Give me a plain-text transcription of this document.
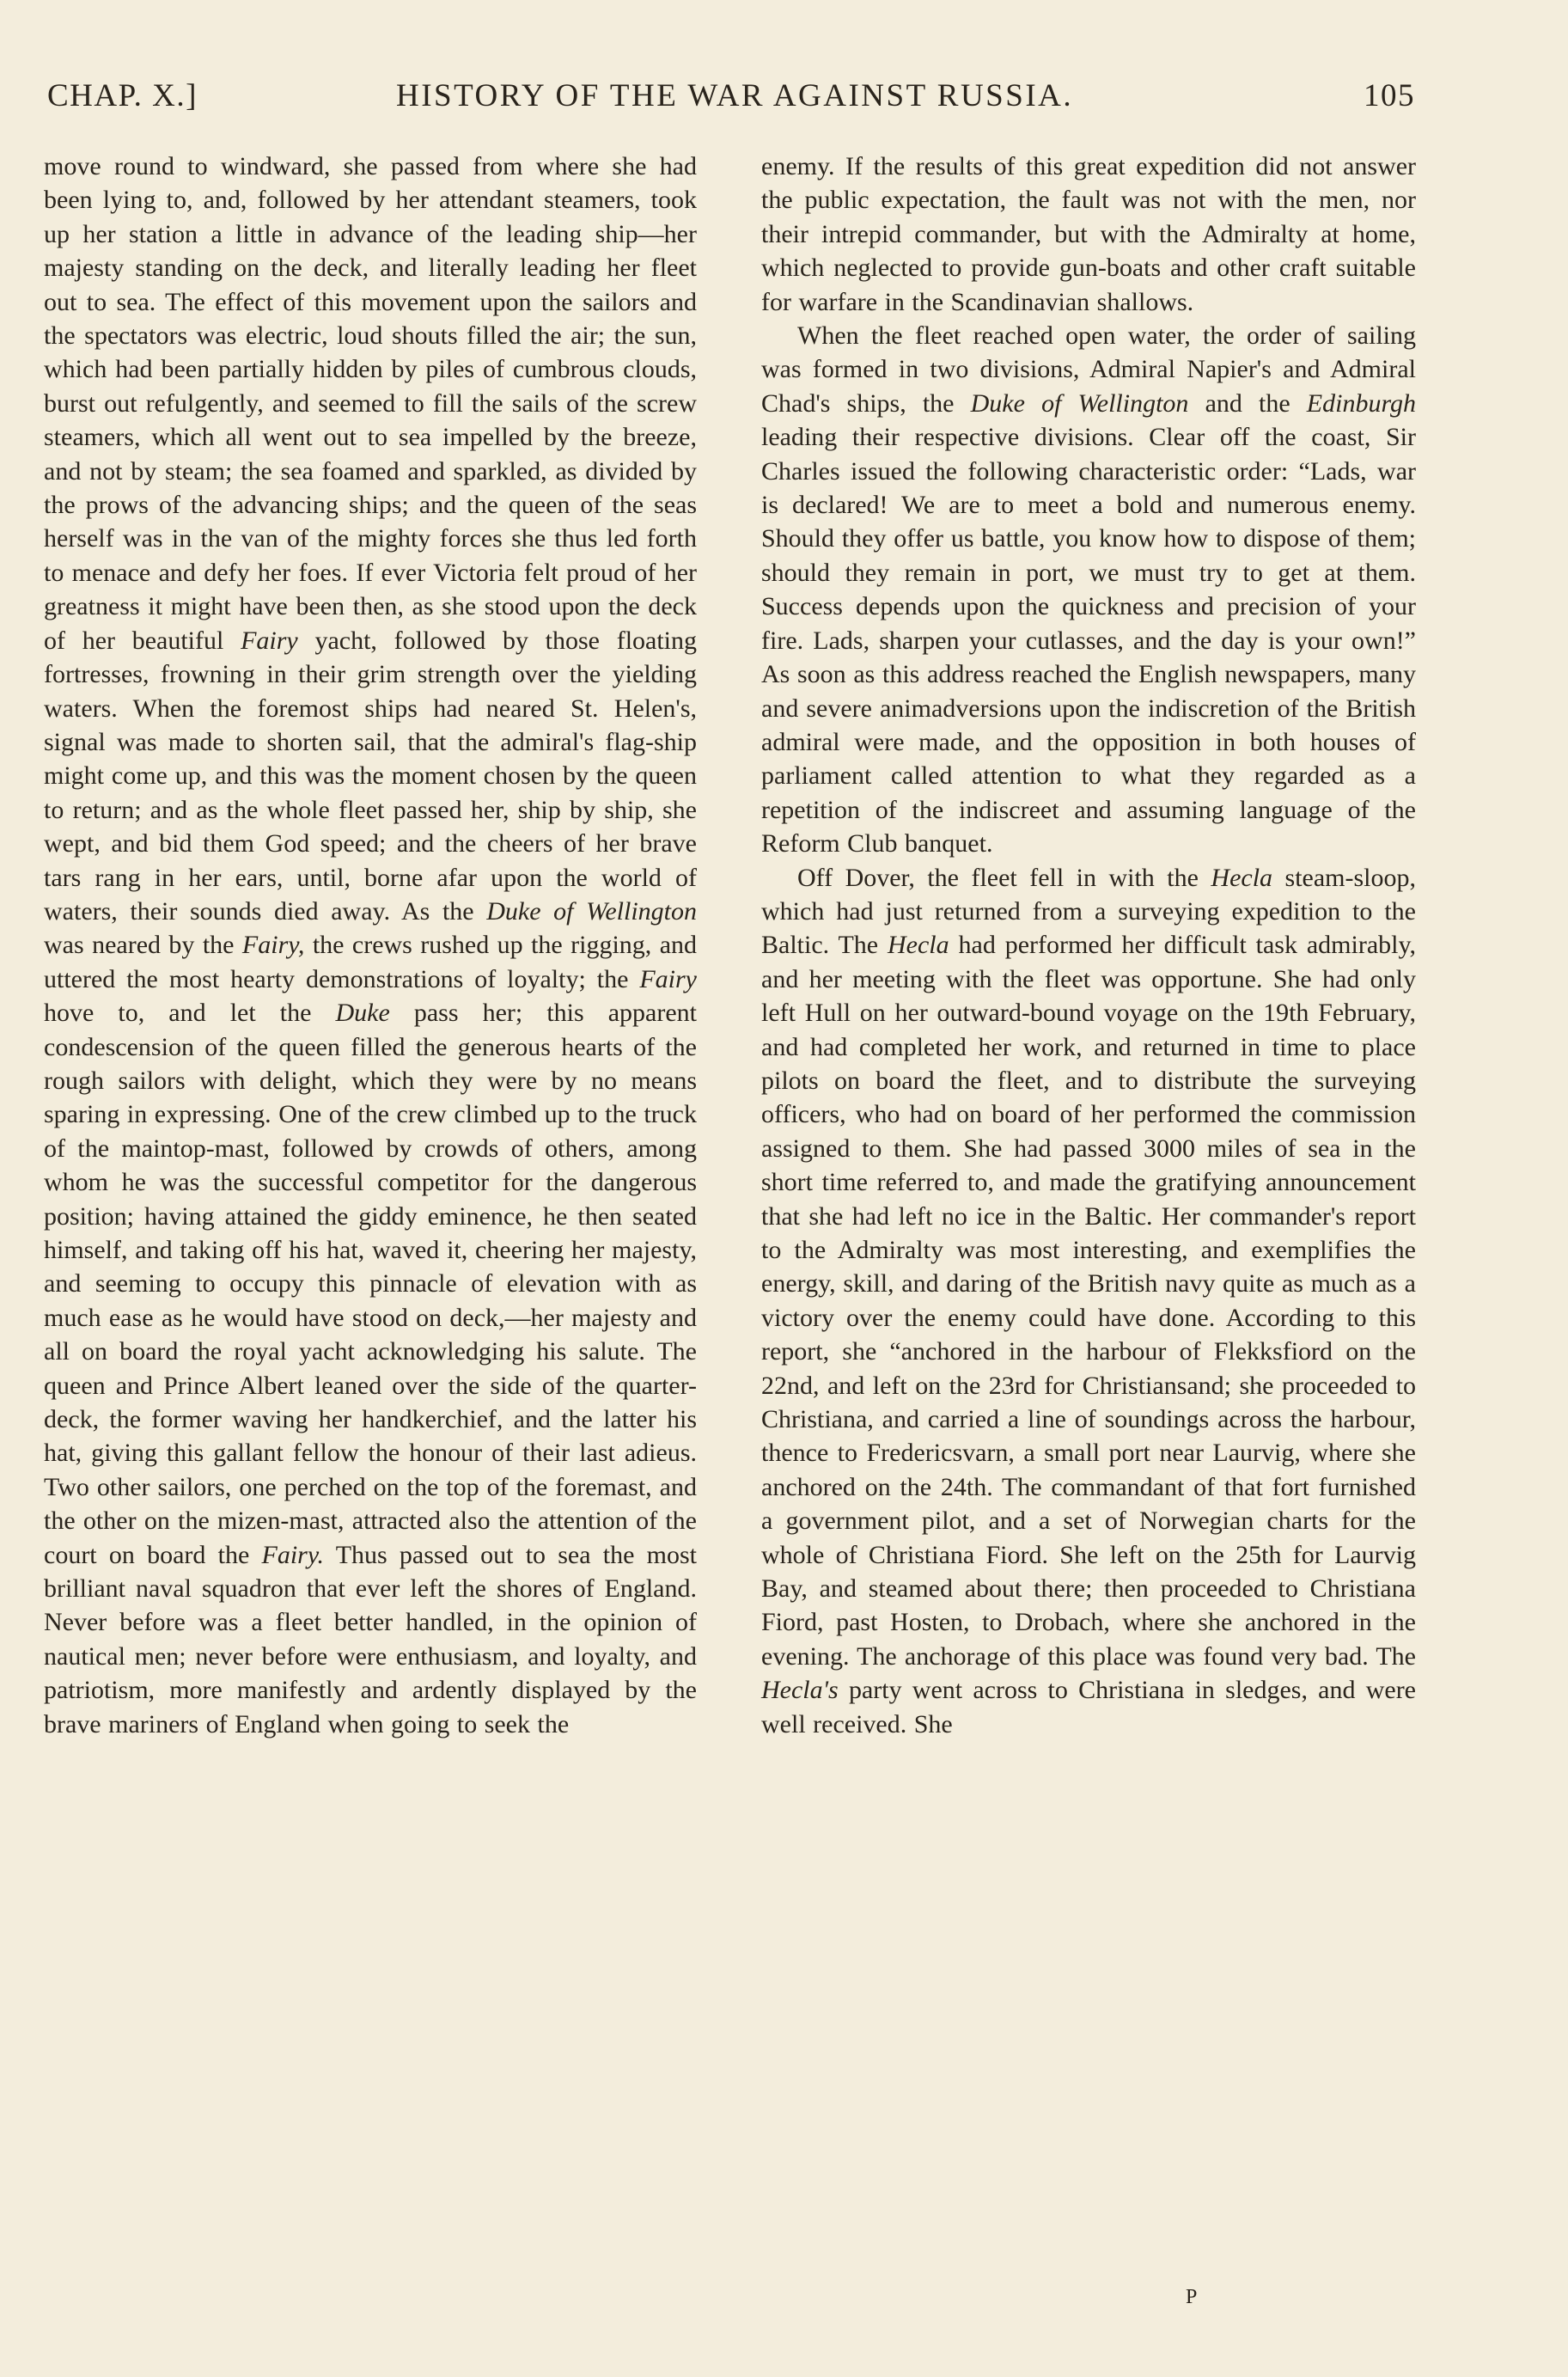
CHAP. X.]	HISTORY OF THE WAR AGAINST RUSSIA.	105

move round to windward, she passed from where she had been lying to, and, followed by her attendant steamers, took up her station a little in advance of the leading ship—her majesty standing on the deck, and literally leading her fleet out to sea. The effect of this movement upon the sailors and the spectators was electric, loud shouts filled the air; the sun, which had been partially hidden by piles of cumbrous clouds, burst out refulgently, and seemed to fill the sails of the screw steamers, which all went out to sea impelled by the breeze, and not by steam; the sea foamed and sparkled, as divided by the prows of the advancing ships; and the queen of the seas herself was in the van of the mighty forces she thus led forth to menace and defy her foes. If ever Victoria felt proud of her greatness it might have been then, as she stood upon the deck of her beautiful Fairy yacht, followed by those floating fortresses, frowning in their grim strength over the yielding waters. When the foremost ships had neared St. Helen's, signal was made to shorten sail, that the admiral's flag-ship might come up, and this was the moment chosen by the queen to return; and as the whole fleet passed her, ship by ship, she wept, and bid them God speed; and the cheers of her brave tars rang in her ears, until, borne afar upon the world of waters, their sounds died away. As the Duke of Wellington was neared by the Fairy, the crews rushed up the rigging, and uttered the most hearty demonstrations of loyalty; the Fairy hove to, and let the Duke pass her; this apparent condescension of the queen filled the generous hearts of the rough sailors with delight, which they were by no means sparing in expressing. One of the crew climbed up to the truck of the maintop-mast, followed by crowds of others, among whom he was the successful competitor for the dangerous position; having attained the giddy eminence, he then seated himself, and taking off his hat, waved it, cheering her majesty, and seeming to occupy this pinnacle of elevation with as much ease as he would have stood on deck,—her majesty and all on board the royal yacht acknowledging his salute. The queen and Prince Albert leaned over the side of the quarter-deck, the former waving her handkerchief, and the latter his hat, giving this gallant fellow the honour of their last adieus. Two other sailors, one perched on the top of the foremast, and the other on the mizen-mast, attracted also the attention of the court on board the Fairy. Thus passed out to sea the most brilliant naval squadron that ever left the shores of England. Never before was a fleet better handled, in the opinion of nautical men; never before were enthusiasm, and loyalty, and patriotism, more manifestly and ardently displayed by the brave mariners of England when going to seek the

enemy. If the results of this great expedition did not answer the public expectation, the fault was not with the men, nor their intrepid commander, but with the Admiralty at home, which neglected to provide gun-boats and other craft suitable for warfare in the Scandinavian shallows.

When the fleet reached open water, the order of sailing was formed in two divisions, Admiral Napier's and Admiral Chad's ships, the Duke of Wellington and the Edinburgh leading their respective divisions. Clear off the coast, Sir Charles issued the following characteristic order: “Lads, war is declared! We are to meet a bold and numerous enemy. Should they offer us battle, you know how to dispose of them; should they remain in port, we must try to get at them. Success depends upon the quickness and precision of your fire. Lads, sharpen your cutlasses, and the day is your own!” As soon as this address reached the English newspapers, many and severe animadversions upon the indiscretion of the British admiral were made, and the opposition in both houses of parliament called attention to what they regarded as a repetition of the indiscreet and assuming language of the Reform Club banquet.

Off Dover, the fleet fell in with the Hecla steam-sloop, which had just returned from a surveying expedition to the Baltic. The Hecla had performed her difficult task admirably, and her meeting with the fleet was opportune. She had only left Hull on her outward-bound voyage on the 19th February, and had completed her work, and returned in time to place pilots on board the fleet, and to distribute the surveying officers, who had on board of her performed the commission assigned to them. She had passed 3000 miles of sea in the short time referred to, and made the gratifying announcement that she had left no ice in the Baltic. Her commander's report to the Admiralty was most interesting, and exemplifies the energy, skill, and daring of the British navy quite as much as a victory over the enemy could have done. According to this report, she “anchored in the harbour of Flekksfiord on the 22nd, and left on the 23rd for Christiansand; she proceeded to Christiana, and carried a line of soundings across the harbour, thence to Fredericsvarn, a small port near Laurvig, where she anchored on the 24th. The commandant of that fort furnished a government pilot, and a set of Norwegian charts for the whole of Christiana Fiord. She left on the 25th for Laurvig Bay, and steamed about there; then proceeded to Christiana Fiord, past Hosten, to Drobach, where she anchored in the evening. The anchorage of this place was found very bad. The Hecla's party went across to Christiana in sledges, and were well received. She

P
